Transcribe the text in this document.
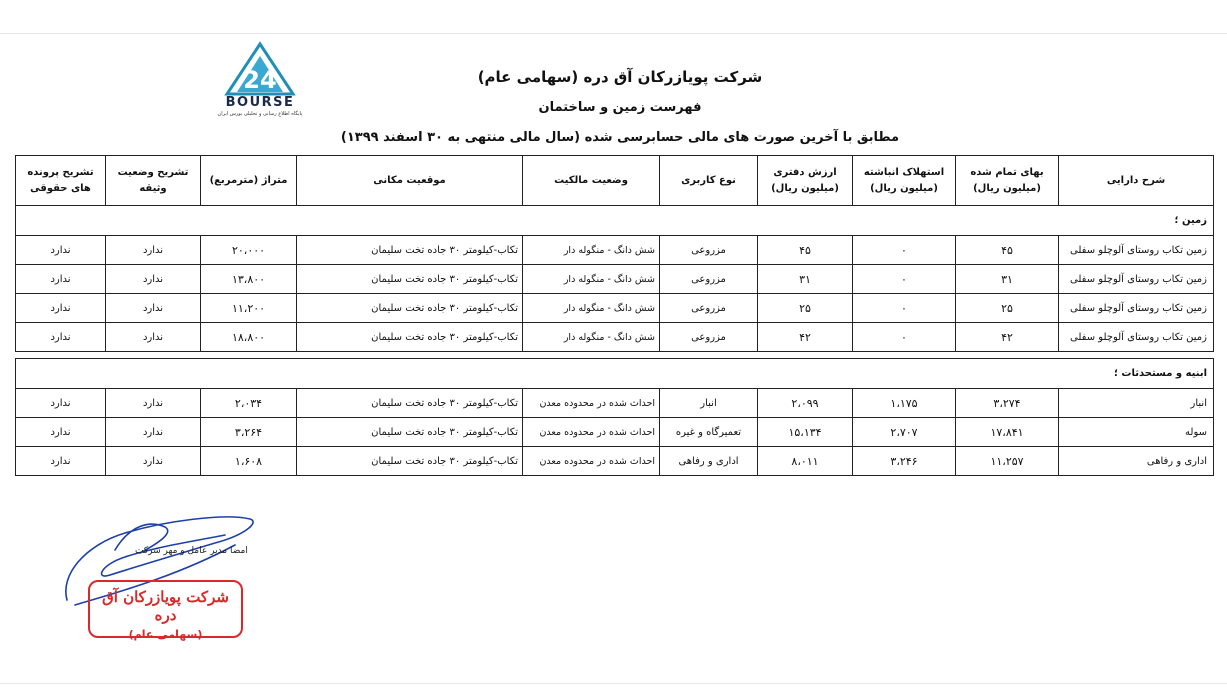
24
BOURSE
پایگاه اطلاع رسانی و تحلیلی بورس ایران
شرکت پویازرکان آق دره (سهامی عام)
فهرست زمین و ساختمان
مطابق با آخرین صورت های مالی حسابرسی شده (سال مالی منتهی به ۳۰ اسفند ۱۳۹۹)
شرح دارایی	بهای تمام شده (میلیون ریال)	استهلاک انباشته (میلیون ریال)	ارزش دفتری (میلیون ریال)	نوع کاربری	وضعیت مالکیت	موقعیت مکانی	متراژ (مترمربع)	تشریح وضعیت وثیقه	تشریح پرونده های حقوقی
زمین ؛									
زمین تکاب روستای آلوچلو سفلی	۴۵	۰	۴۵	مزروعی	شش دانگ - منگوله دار	تکاب-کیلومتر ۳۰ جاده تخت سلیمان	۲۰،۰۰۰	ندارد	ندارد
زمین تکاب روستای آلوچلو سفلی	۳۱	۰	۳۱	مزروعی	شش دانگ - منگوله دار	تکاب-کیلومتر ۳۰ جاده تخت سلیمان	۱۳،۸۰۰	ندارد	ندارد
زمین تکاب روستای آلوچلو سفلی	۲۵	۰	۲۵	مزروعی	شش دانگ - منگوله دار	تکاب-کیلومتر ۳۰ جاده تخت سلیمان	۱۱،۲۰۰	ندارد	ندارد
زمین تکاب روستای آلوچلو سفلی	۴۲	۰	۴۲	مزروعی	شش دانگ - منگوله دار	تکاب-کیلومتر ۳۰ جاده تخت سلیمان	۱۸،۸۰۰	ندارد	ندارد

ابنیه و مستحدثات ؛									
انبار	۳،۲۷۴	۱،۱۷۵	۲،۰۹۹	انبار	احداث شده در محدوده معدن	تکاب-کیلومتر ۳۰ جاده تخت سلیمان	۲،۰۳۴	ندارد	ندارد
سوله	۱۷،۸۴۱	۲،۷۰۷	۱۵،۱۳۴	تعمیرگاه و غیره	احداث شده در محدوده معدن	تکاب-کیلومتر ۳۰ جاده تخت سلیمان	۳،۲۶۴	ندارد	ندارد
اداری و رفاهی	۱۱،۲۵۷	۳،۲۴۶	۸،۰۱۱	اداری و رفاهی	احداث شده در محدوده معدن	تکاب-کیلومتر ۳۰ جاده تخت سلیمان	۱،۶۰۸	ندارد	ندارد
امضا مدیر عامل و مهر شرکت
شرکت پویازرکان آق دره
(سهامی عام)
